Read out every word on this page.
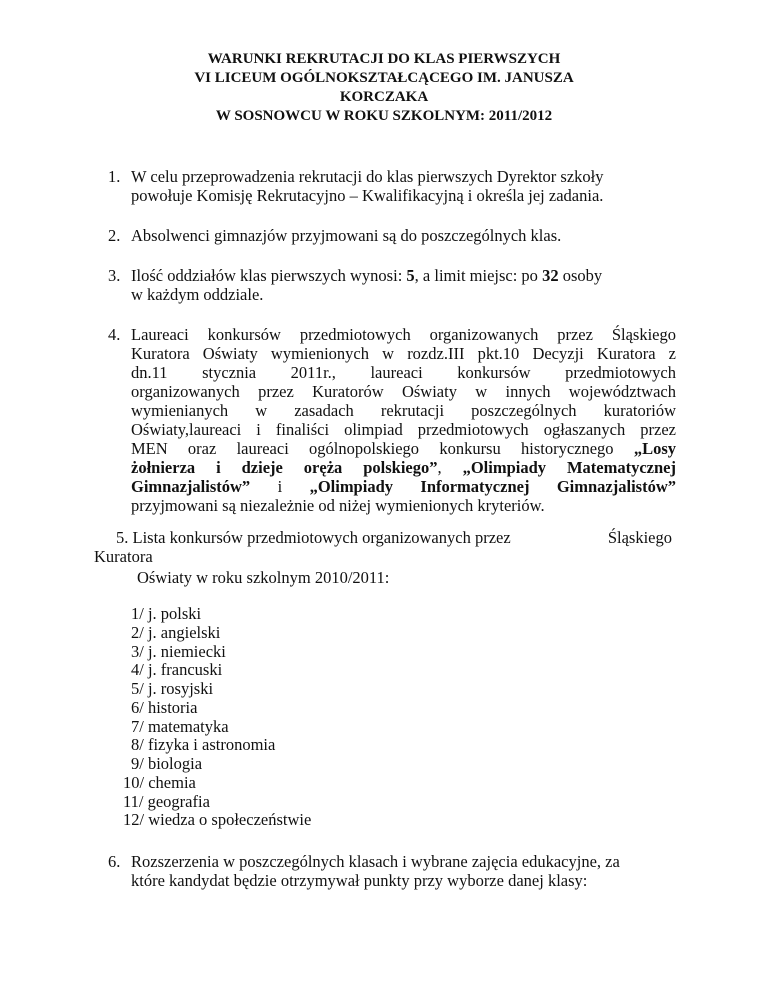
WARUNKI REKRUTACJI DO KLAS PIERWSZYCH
VI LICEUM OGÓLNOKSZTAŁCĄCEGO IM. JANUSZA
KORCZAKA
W SOSNOWCU W ROKU SZKOLNYM: 2011/2012
1. W celu przeprowadzenia rekrutacji do klas pierwszych Dyrektor szkoły
powołuje Komisję Rekrutacyjno – Kwalifikacyjną i określa jej zadania.
2. Absolwenci gimnazjów przyjmowani są do poszczególnych klas.
3. Ilość oddziałów klas pierwszych wynosi: 5, a limit miejsc: po 32 osoby
w każdym oddziale.
4. Laureaci konkursów przedmiotowych organizowanych przez Śląskiego
Kuratora Oświaty wymienionych w rozdz.III pkt.10 Decyzji Kuratora z
dn.11 stycznia 2011r., laureaci konkursów przedmiotowych
organizowanych przez Kuratorów Oświaty w innych województwach
wymienianych w zasadach rekrutacji poszczególnych kuratoriów
Oświaty,laureaci i finaliści olimpiad przedmiotowych ogłaszanych przez
MEN oraz laureaci ogólnopolskiego konkursu historycznego „Losy
żołnierza i dzieje oręża polskiego”, „Olimpiady Matematycznej
Gimnazjalistów” i „Olimpiady Informatycznej Gimnazjalistów”
przyjmowani są niezależnie od niżej wymienionych kryteriów.
5. Lista konkursów przedmiotowych organizowanych przez	Śląskiego
Kuratora
Oświaty w roku szkolnym 2010/2011:
1/ j. polski
2/ j. angielski
3/ j. niemiecki
4/ j. francuski
5/ j. rosyjski
6/ historia
7/ matematyka
8/ fizyka i astronomia
9/ biologia
10/ chemia
11/ geografia
12/ wiedza o społeczeństwie
6. Rozszerzenia w poszczególnych klasach i wybrane zajęcia edukacyjne, za
które kandydat będzie otrzymywał punkty przy wyborze danej klasy:
